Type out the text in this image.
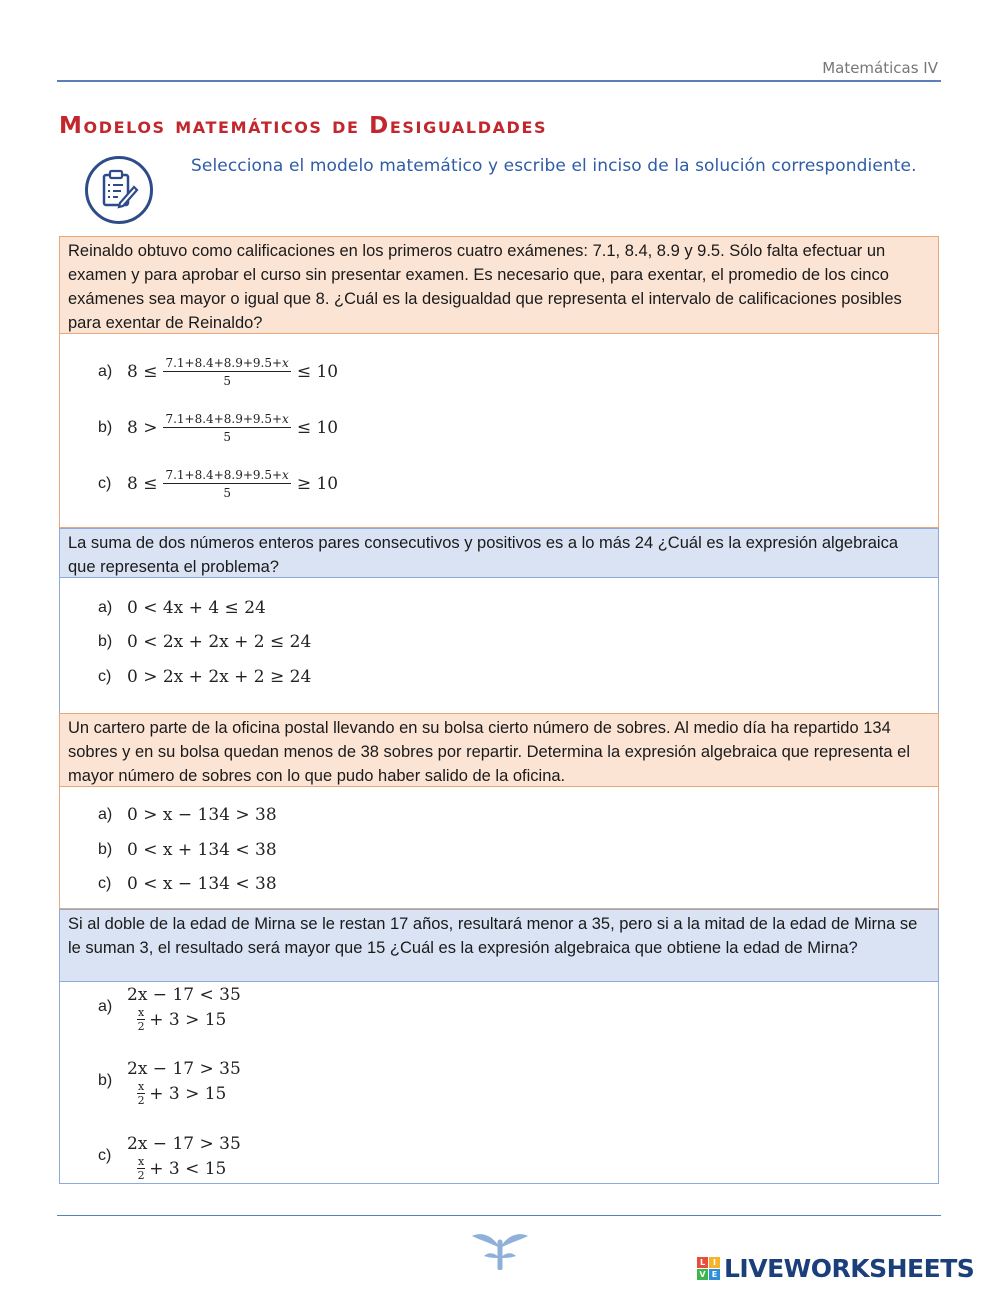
Matemáticas IV
Modelos matemáticos de Desigualdades
Selecciona el modelo matemático y escribe el inciso de la solución correspondiente.
Reinaldo obtuvo como calificaciones en los primeros cuatro exámenes: 7.1, 8.4, 8.9 y 9.5. Sólo falta efectuar un examen y para aprobar el curso sin presentar examen. Es necesario que, para exentar, el promedio de los cinco exámenes sea mayor o igual que 8. ¿Cuál es la desigualdad que representa el intervalo de calificaciones posibles para exentar de Reinaldo?
a) $8 \le \frac{7.1+8.4+8.9+9.5+x}{5} \le 10$
b) $8 > \frac{7.1+8.4+8.9+9.5+x}{5} \le 10$
c) $8 \le \frac{7.1+8.4+8.9+9.5+x}{5} \ge 10$
La suma de dos números enteros pares consecutivos y positivos es a lo más 24 ¿Cuál es la expresión algebraica que representa el problema?
a) 0 < 4x + 4 ≤ 24
b) 0 < 2x + 2x + 2 ≤ 24
c) 0 > 2x + 2x + 2 ≥ 24
Un cartero parte de la oficina postal llevando en su bolsa cierto número de sobres. Al medio día ha repartido 134 sobres y en su bolsa quedan menos de 38 sobres por repartir. Determina la expresión algebraica que representa el mayor número de sobres con lo que pudo haber salido de la oficina.
a) 0 > x − 134 > 38
b) 0 < x + 134 < 38
c) 0 < x − 134 < 38
Si al doble de la edad de Mirna se le restan 17 años, resultará menor a 35, pero si a la mitad de la edad de Mirna se le suman 3, el resultado será mayor que 15 ¿Cuál es la expresión algebraica que obtiene la edad de Mirna?
a)
2x − 17 < 35
x
2 + 3 > 15
b)
2x − 17 > 35
x
2 + 3 > 15
c)
2x − 17 > 35
x
2 + 3 < 15
L I
V E LIVEWORKSHEETS
